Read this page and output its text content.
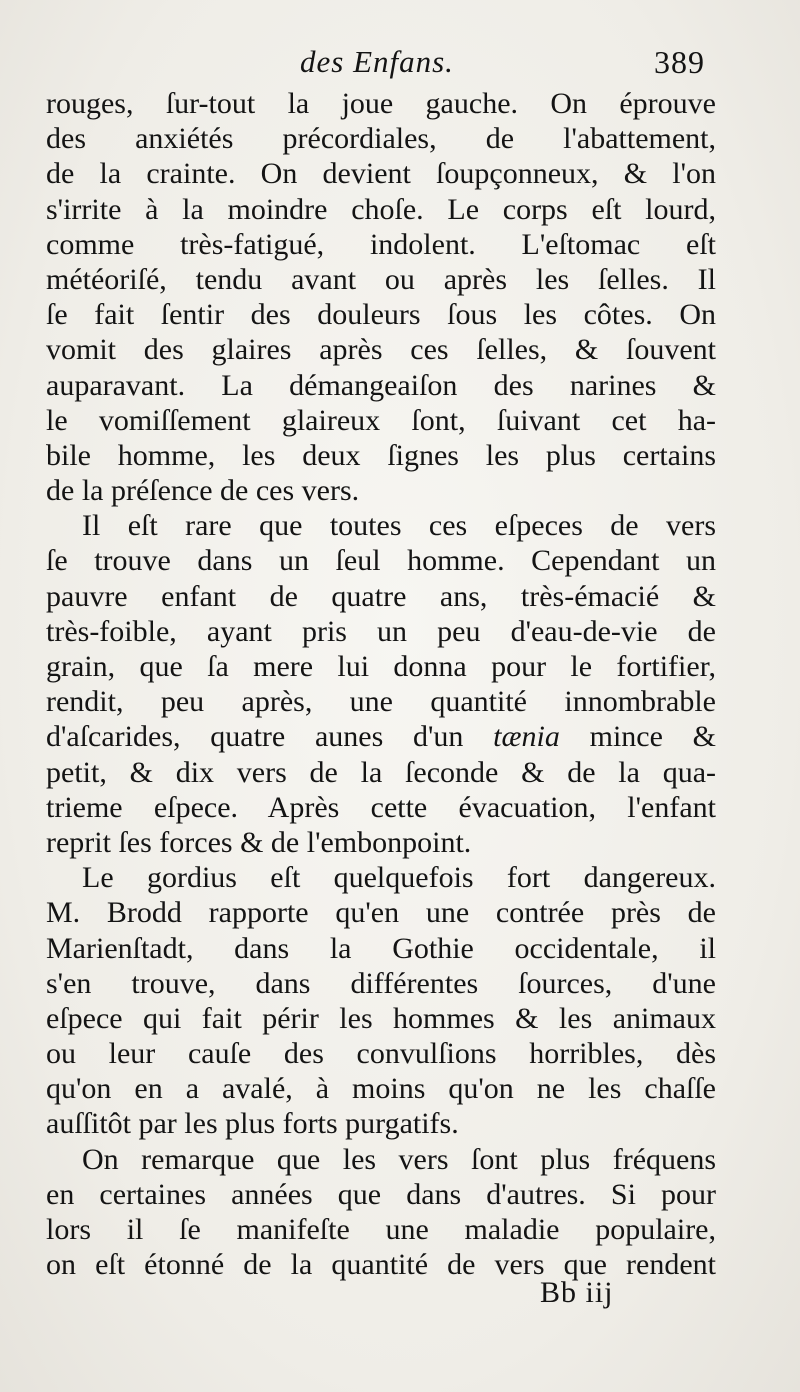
des Enfans.	389
rouges, ſur-tout la joue gauche. On éprouve
des anxiétés précordiales, de l'abattement,
de la crainte. On devient ſoupçonneux, & l'on
s'irrite à la moindre choſe. Le corps eſt lourd,
comme très-fatigué, indolent. L'eſtomac eſt
météoriſé, tendu avant ou après les ſelles. Il
ſe fait ſentir des douleurs ſous les côtes. On
vomit des glaires après ces ſelles, & ſouvent
auparavant. La démangeaiſon des narines &
le vomiſſement glaireux ſont, ſuivant cet ha-
bile homme, les deux ſignes les plus certains
de la préſence de ces vers.
Il eſt rare que toutes ces eſpeces de vers
ſe trouve dans un ſeul homme. Cependant un
pauvre enfant de quatre ans, très-émacié &
très-foible, ayant pris un peu d'eau-de-vie de
grain, que ſa mere lui donna pour le fortifier,
rendit, peu après, une quantité innombrable
d'aſcarides, quatre aunes d'un tænia mince &
petit, & dix vers de la ſeconde & de la qua-
trieme eſpece. Après cette évacuation, l'enfant
reprit ſes forces & de l'embonpoint.
Le gordius eſt quelquefois fort dangereux.
M. Brodd rapporte qu'en une contrée près de
Marienſtadt, dans la Gothie occidentale, il
s'en trouve, dans différentes ſources, d'une
eſpece qui fait périr les hommes & les animaux
ou leur cauſe des convulſions horribles, dès
qu'on en a avalé, à moins qu'on ne les chaſſe
auſſitôt par les plus forts purgatifs.
On remarque que les vers ſont plus fréquens
en certaines années que dans d'autres. Si pour
lors il ſe manifeſte une maladie populaire,
on eſt étonné de la quantité de vers que rendent
Bb iij
